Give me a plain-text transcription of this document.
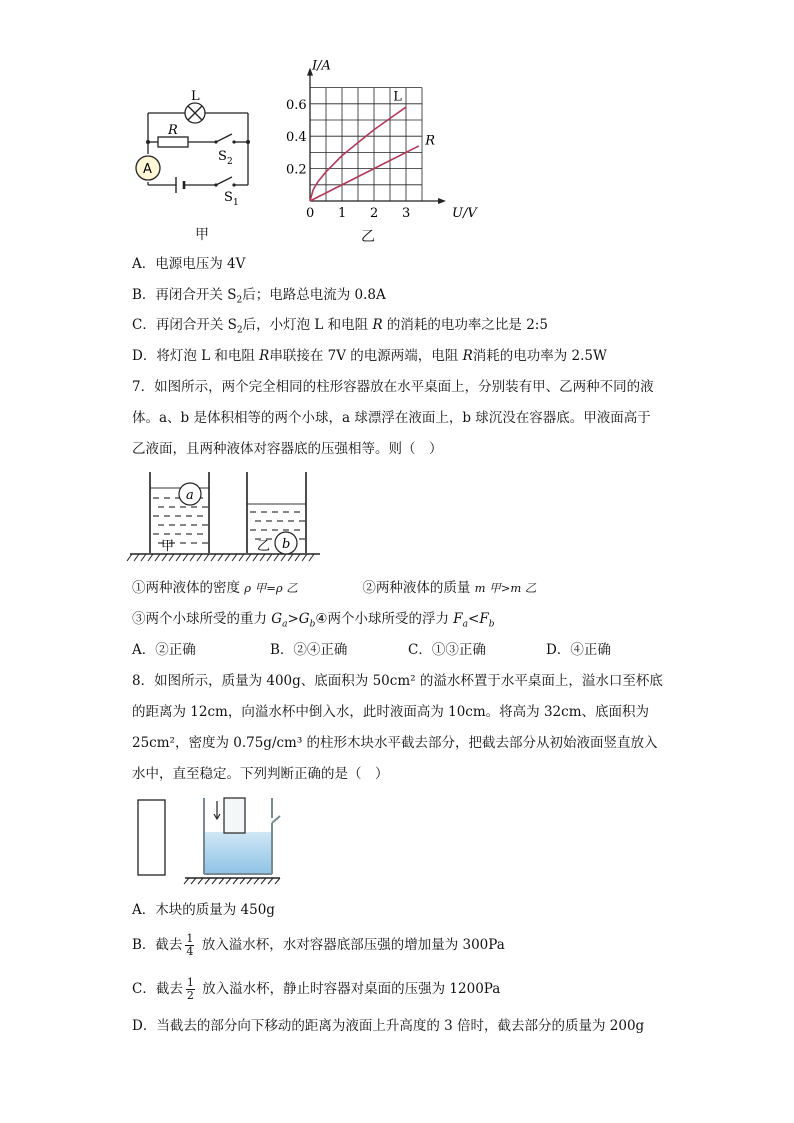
L
R
S 2
S 1
A
甲
0 1 2 3
0.2
0.4
0.6
I/A
U/V
L
R
乙
A．电源电压为 4V
B．再闭合开关 $S_2$后；电路总电流为 0.8A
C．再闭合开关 $S_2$后，小灯泡 L 和电阻 R 的消耗的电功率之比是 2:5
D．将灯泡 L 和电阻 R串联接在 7V 的电源两端，电阻 R消耗的电功率为 2.5W
7．如图所示，两个完全相同的柱形容器放在水平桌面上，分别装有甲、乙两种不同的液体。a、b 是体积相等的两个小球，a 球漂浮在液面上，b 球沉没在容器底。甲液面高于乙液面，且两种液体对容器底的压强相等。则（　）
a
b
甲	乙
①两种液体的密度 ρ 甲=ρ 乙	②两种液体的质量 m 甲>m 乙
③两个小球所受的重力 $G_a>G_b④$两个小球所受的浮力 $F_a<F_b$
A．②正确	B．②④正确	C．①③正确	D．④正确
8．如图所示，质量为 400g、底面积为 50cm² 的溢水杯置于水平桌面上，溢水口至杯底的距离为 12cm，向溢水杯中倒入水，此时液面高为 10cm。将高为 32cm、底面积为 25cm²，密度为 0.75g/cm³ 的柱形木块水平截去部分，把截去部分从初始液面竖直放入水中，直至稳定。下列判断正确的是（　）
A．木块的质量为 450g
B．截去 $\frac{1}{4}$ 放入溢水杯，水对容器底部压强的增加量为 300Pa
C．截去 $\frac{1}{2}$ 放入溢水杯，静止时容器对桌面的压强为 1200Pa
D．当截去的部分向下移动的距离为液面上升高度的 3 倍时，截去部分的质量为 200g
